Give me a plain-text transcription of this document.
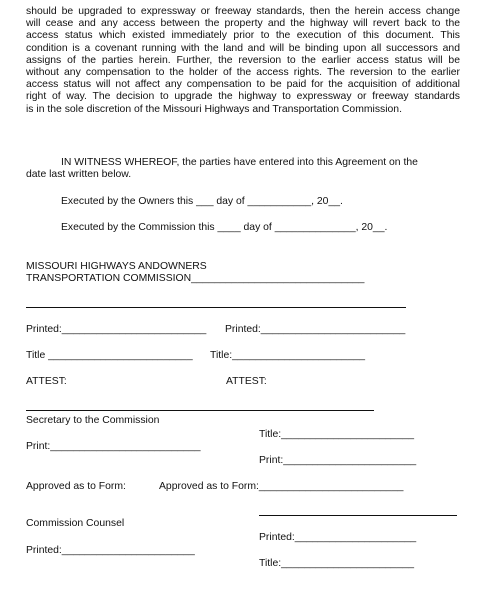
should be upgraded to expressway or freeway standards, then the herein access change
will cease and any access between the property and the highway will revert back to the
access status which existed immediately prior to the execution of this document. This
condition is a covenant running with the land and will be binding upon all successors and
assigns of the parties herein. Further, the reversion to the earlier access status will be
without any compensation to the holder of the access rights. The reversion to the earlier
access status will not affect any compensation to be paid for the acquisition of additional
right of way. The decision to upgrade the highway to expressway or freeway standards
is in the sole discretion of the Missouri Highways and Transportation Commission.
IN WITNESS WHEREOF, the parties have entered into this Agreement on the
date last written below.
Executed by the Owners this ___ day of ___________, 20__.
Executed by the Commission this ____ day of ______________, 20__.
MISSOURI HIGHWAYS ANDOWNERS
TRANSPORTATION COMMISSION______________________________
Printed:_________________________ Printed:_________________________
Title _________________________ Title:_______________________
ATTEST:	ATTEST:
Secretary to the Commission
Title:_______________________
Print:__________________________
Print:_______________________
Approved as to Form:	Approved as to Form:_________________________
Commission Counsel
Printed:_____________________
Printed:_______________________
Title:_______________________
